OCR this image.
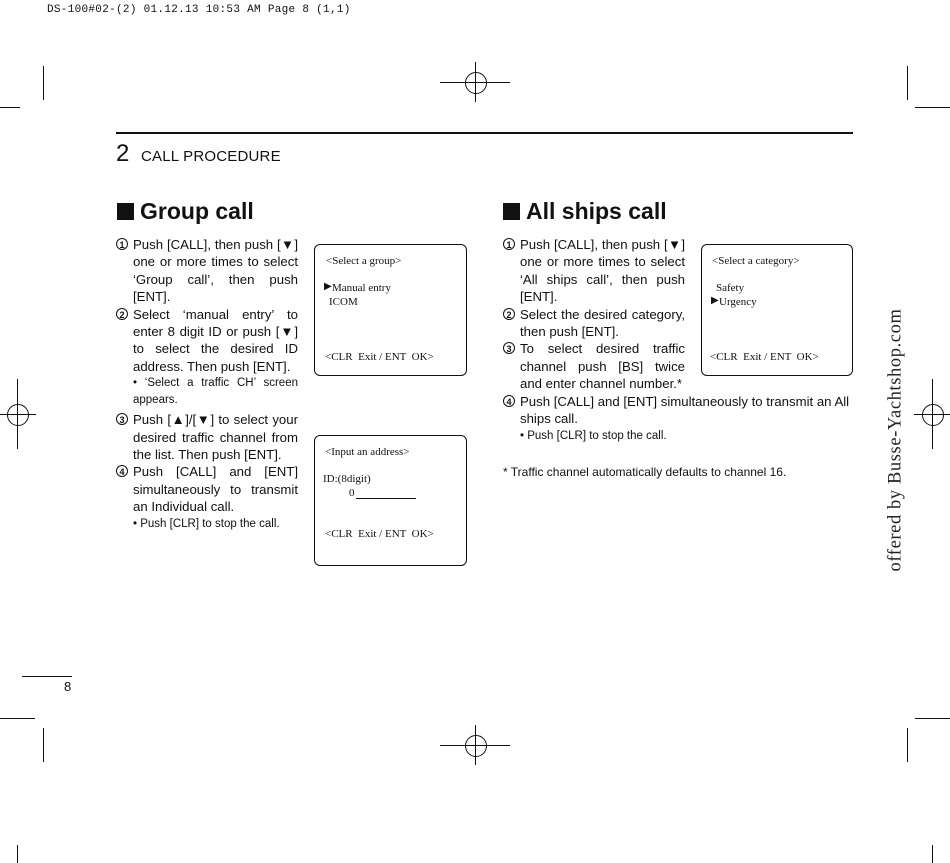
DS-100#02-(2) 01.12.13 10:53 AM Page 8 (1,1)
2 CALL PROCEDURE
Group call
1 Push [CALL], then push [▼] one or more times to select ‘Group call’, then push [ENT].
2 Select ‘manual entry’ to enter 8 digit ID or push [▼] to select the desired ID address. Then push [ENT].
• ‘Select a traffic CH’ screen appears.
3 Push [▲]/[▼] to select your desired traffic channel from the list. Then push [ENT].
4 Push [CALL] and [ENT] simultaneously to transmit an Individual call.
• Push [CLR] to stop the call.
<Select a group>
▶ Manual entry
ICOM
<CLR  Exit / ENT  OK>
<Input an address>
ID:(8digit)
0
<CLR  Exit / ENT  OK>
All ships call
1 Push [CALL], then push [▼] one or more times to select ‘All ships call’, then push [ENT].
2 Select the desired category, then push [ENT].
3 To select desired traffic channel push [BS] twice and enter channel number.*
4 Push [CALL] and [ENT] simultaneously to transmit an All ships call.
• Push [CLR] to stop the call.
* Traffic channel automatically defaults to channel 16.
<Select a category>
Safety
▶ Urgency
<CLR  Exit / ENT  OK>
8
offered by Busse-Yachtshop.com
